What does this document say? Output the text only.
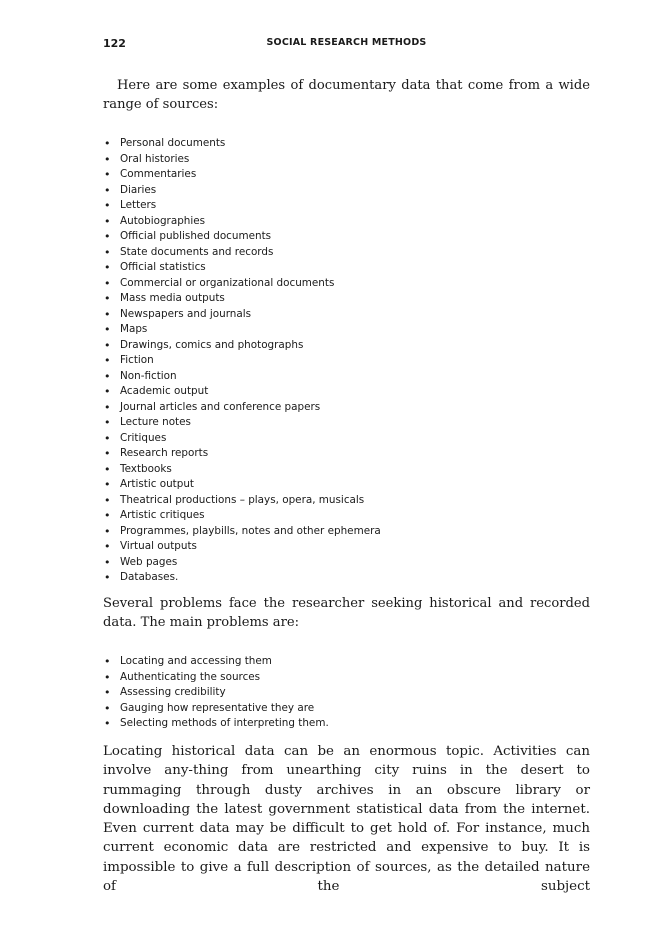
122	SOCIAL RESEARCH METHODS

Here are some examples of documentary data that come from a wide range of sources:

• Personal documents
• Oral histories
• Commentaries
• Diaries
• Letters
• Autobiographies
• Official published documents
• State documents and records
• Official statistics
• Commercial or organizational documents
• Mass media outputs
• Newspapers and journals
• Maps
• Drawings, comics and photographs
• Fiction
• Non-fiction
• Academic output
• Journal articles and conference papers
• Lecture notes
• Critiques
• Research reports
• Textbooks
• Artistic output
• Theatrical productions – plays, opera, musicals
• Artistic critiques
• Programmes, playbills, notes and other ephemera
• Virtual outputs
• Web pages
• Databases.

Several problems face the researcher seeking historical and recorded data. The main problems are:

• Locating and accessing them
• Authenticating the sources
• Assessing credibility
• Gauging how representative they are
• Selecting methods of interpreting them.

Locating historical data can be an enormous topic. Activities can involve any-thing from unearthing city ruins in the desert to rummaging through dusty archives in an obscure library or downloading the latest government statistical data from the internet. Even current data may be difficult to get hold of. For instance, much current economic data are restricted and expensive to buy. It is impossible to give a full description of sources, as the detailed nature of the subject
